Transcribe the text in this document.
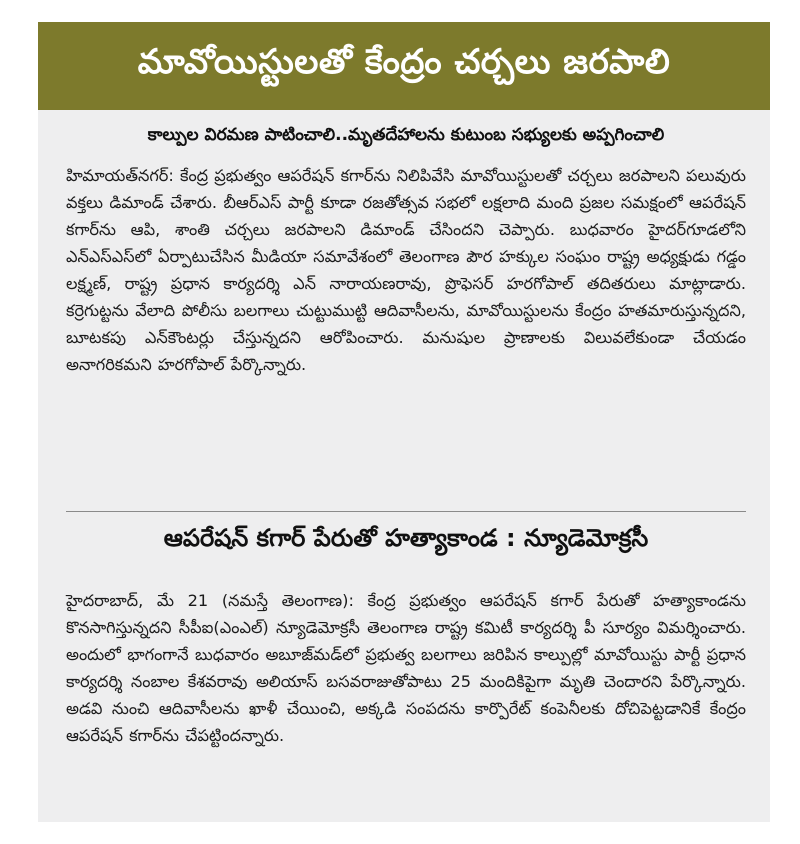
మావోయిస్టులతో కేంద్రం చర్చలు జరపాలి
కాల్పుల విరమణ పాటించాలి..మృతదేహాలను కుటుంబ సభ్యులకు అప్పగించాలి

హిమాయత్‌నగర్‌: కేంద్ర ప్రభుత్వం ఆపరేషన్‌ కగార్‌ను నిలిపివేసి మావోయిస్టులతో చర్చలు జరపాలని పలువురు వక్తలు డిమాండ్‌ చేశారు. బీఆర్‌ఎస్‌ పార్టీ కూడా రజతోత్సవ సభలో లక్షలాది మంది ప్రజల సమక్షంలో ఆపరేషన్‌ కగార్‌ను ఆపి, శాంతి చర్చలు జరపాలని డిమాండ్‌ చేసిందని చెప్పారు. బుధవారం హైదర్‌గూడలోని ఎన్‌ఎస్‌ఎస్‌లో ఏర్పాటుచేసిన మీడియా సమావేశంలో తెలంగాణ పౌర హక్కుల సంఘం రాష్ట్ర అధ్యక్షుడు గడ్డం లక్ష్మణ్‌, రాష్ట్ర ప్రధాన కార్యదర్శి ఎన్‌ నారాయణరావు, ప్రొఫెసర్‌ హరగోపాల్‌ తదితరులు మాట్లాడారు. కర్రెగుట్టను వేలాది పోలీసు బలగాలు చుట్టుముట్టి ఆదివాసీలను, మావోయిస్టులను కేంద్రం హతమారుస్తున్నదని, బూటకపు ఎన్‌కౌంటర్లు చేస్తున్నదని ఆరోపించారు. మనుషుల ప్రాణాలకు విలువలేకుండా చేయడం అనాగరికమని హరగోపాల్‌ పేర్కొన్నారు.

ఆపరేషన్‌ కగార్‌ పేరుతో హత్యాకాండ : న్యూడెమోక్రసీ

హైదరాబాద్‌, మే 21 (నమస్తే తెలంగాణ): కేంద్ర ప్రభుత్వం ఆపరేషన్‌ కగార్‌ పేరుతో హత్యాకాండను కొనసాగిస్తున్నదని సీపీఐ(ఎంఎల్‌) న్యూడెమోక్రసీ తెలంగాణ రాష్ట్ర కమిటీ కార్యదర్శి పీ సూర్యం విమర్శించారు. అందులో భాగంగానే బుధవారం అబూజ్‌మడ్‌లో ప్రభుత్వ బలగాలు జరిపిన కాల్పుల్లో మావోయిస్టు పార్టీ ప్రధాన కార్యదర్శి నంబాల కేశవరావు అలియాస్‌ బసవరాజుతోపాటు 25 మందికిపైగా మృతి చెందారని పేర్కొన్నారు. అడవి నుంచి ఆదివాసీలను ఖాళీ చేయించి, అక్కడి సంపదను కార్పొరేట్‌ కంపెనీలకు దోచిపెట్టడానికే కేంద్రం ఆపరేషన్‌ కగార్‌ను చేపట్టిందన్నారు.
